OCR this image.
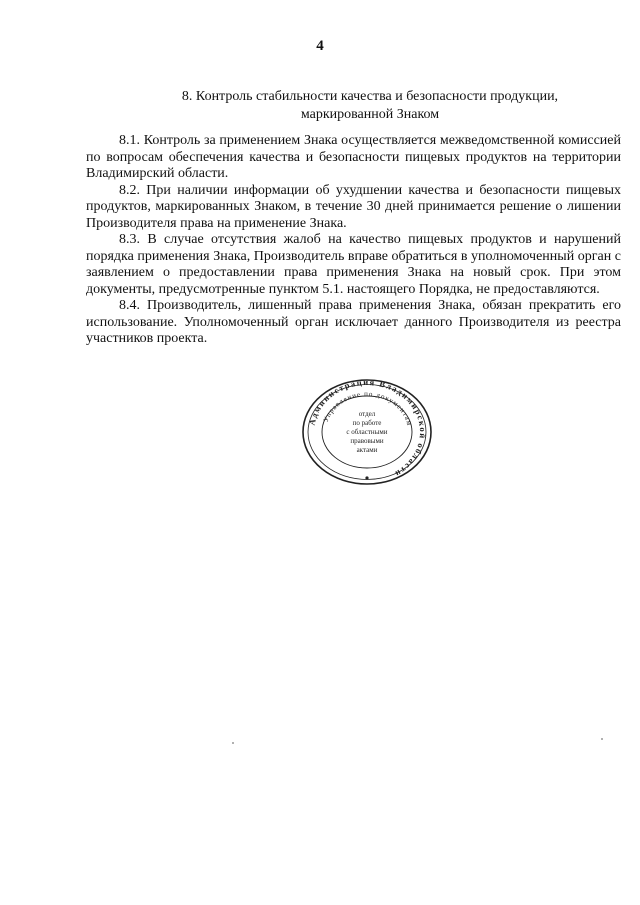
4
8. Контроль стабильности качества и безопасности продукции,
маркированной Знаком

8.1. Контроль за применением Знака осуществляется межведомственной комиссией по вопросам обеспечения качества и безопасности пищевых продуктов на территории Владимирский области.

8.2. При наличии информации об ухудшении качества и безопасности пищевых продуктов, маркированных Знаком, в течение 30 дней принимается решение о лишении Производителя права на применение Знака.

8.3. В случае отсутствия жалоб на качество пищевых продуктов и нарушений порядка применения Знака, Производитель вправе обратиться в уполномоченный орган с заявлением о предоставлении права применения Знака на новый срок. При этом документы, предусмотренные пунктом 5.1. настоящего Порядка, не предоставляются.

8.4. Производитель, лишенный права применения Знака, обязан прекратить его использование. Уполномоченный орган исключает данного Производителя из реестра участников проекта.

Администрация Владимирской области
Управление по документам
отдел
по работе
с областными
правовыми
актами
